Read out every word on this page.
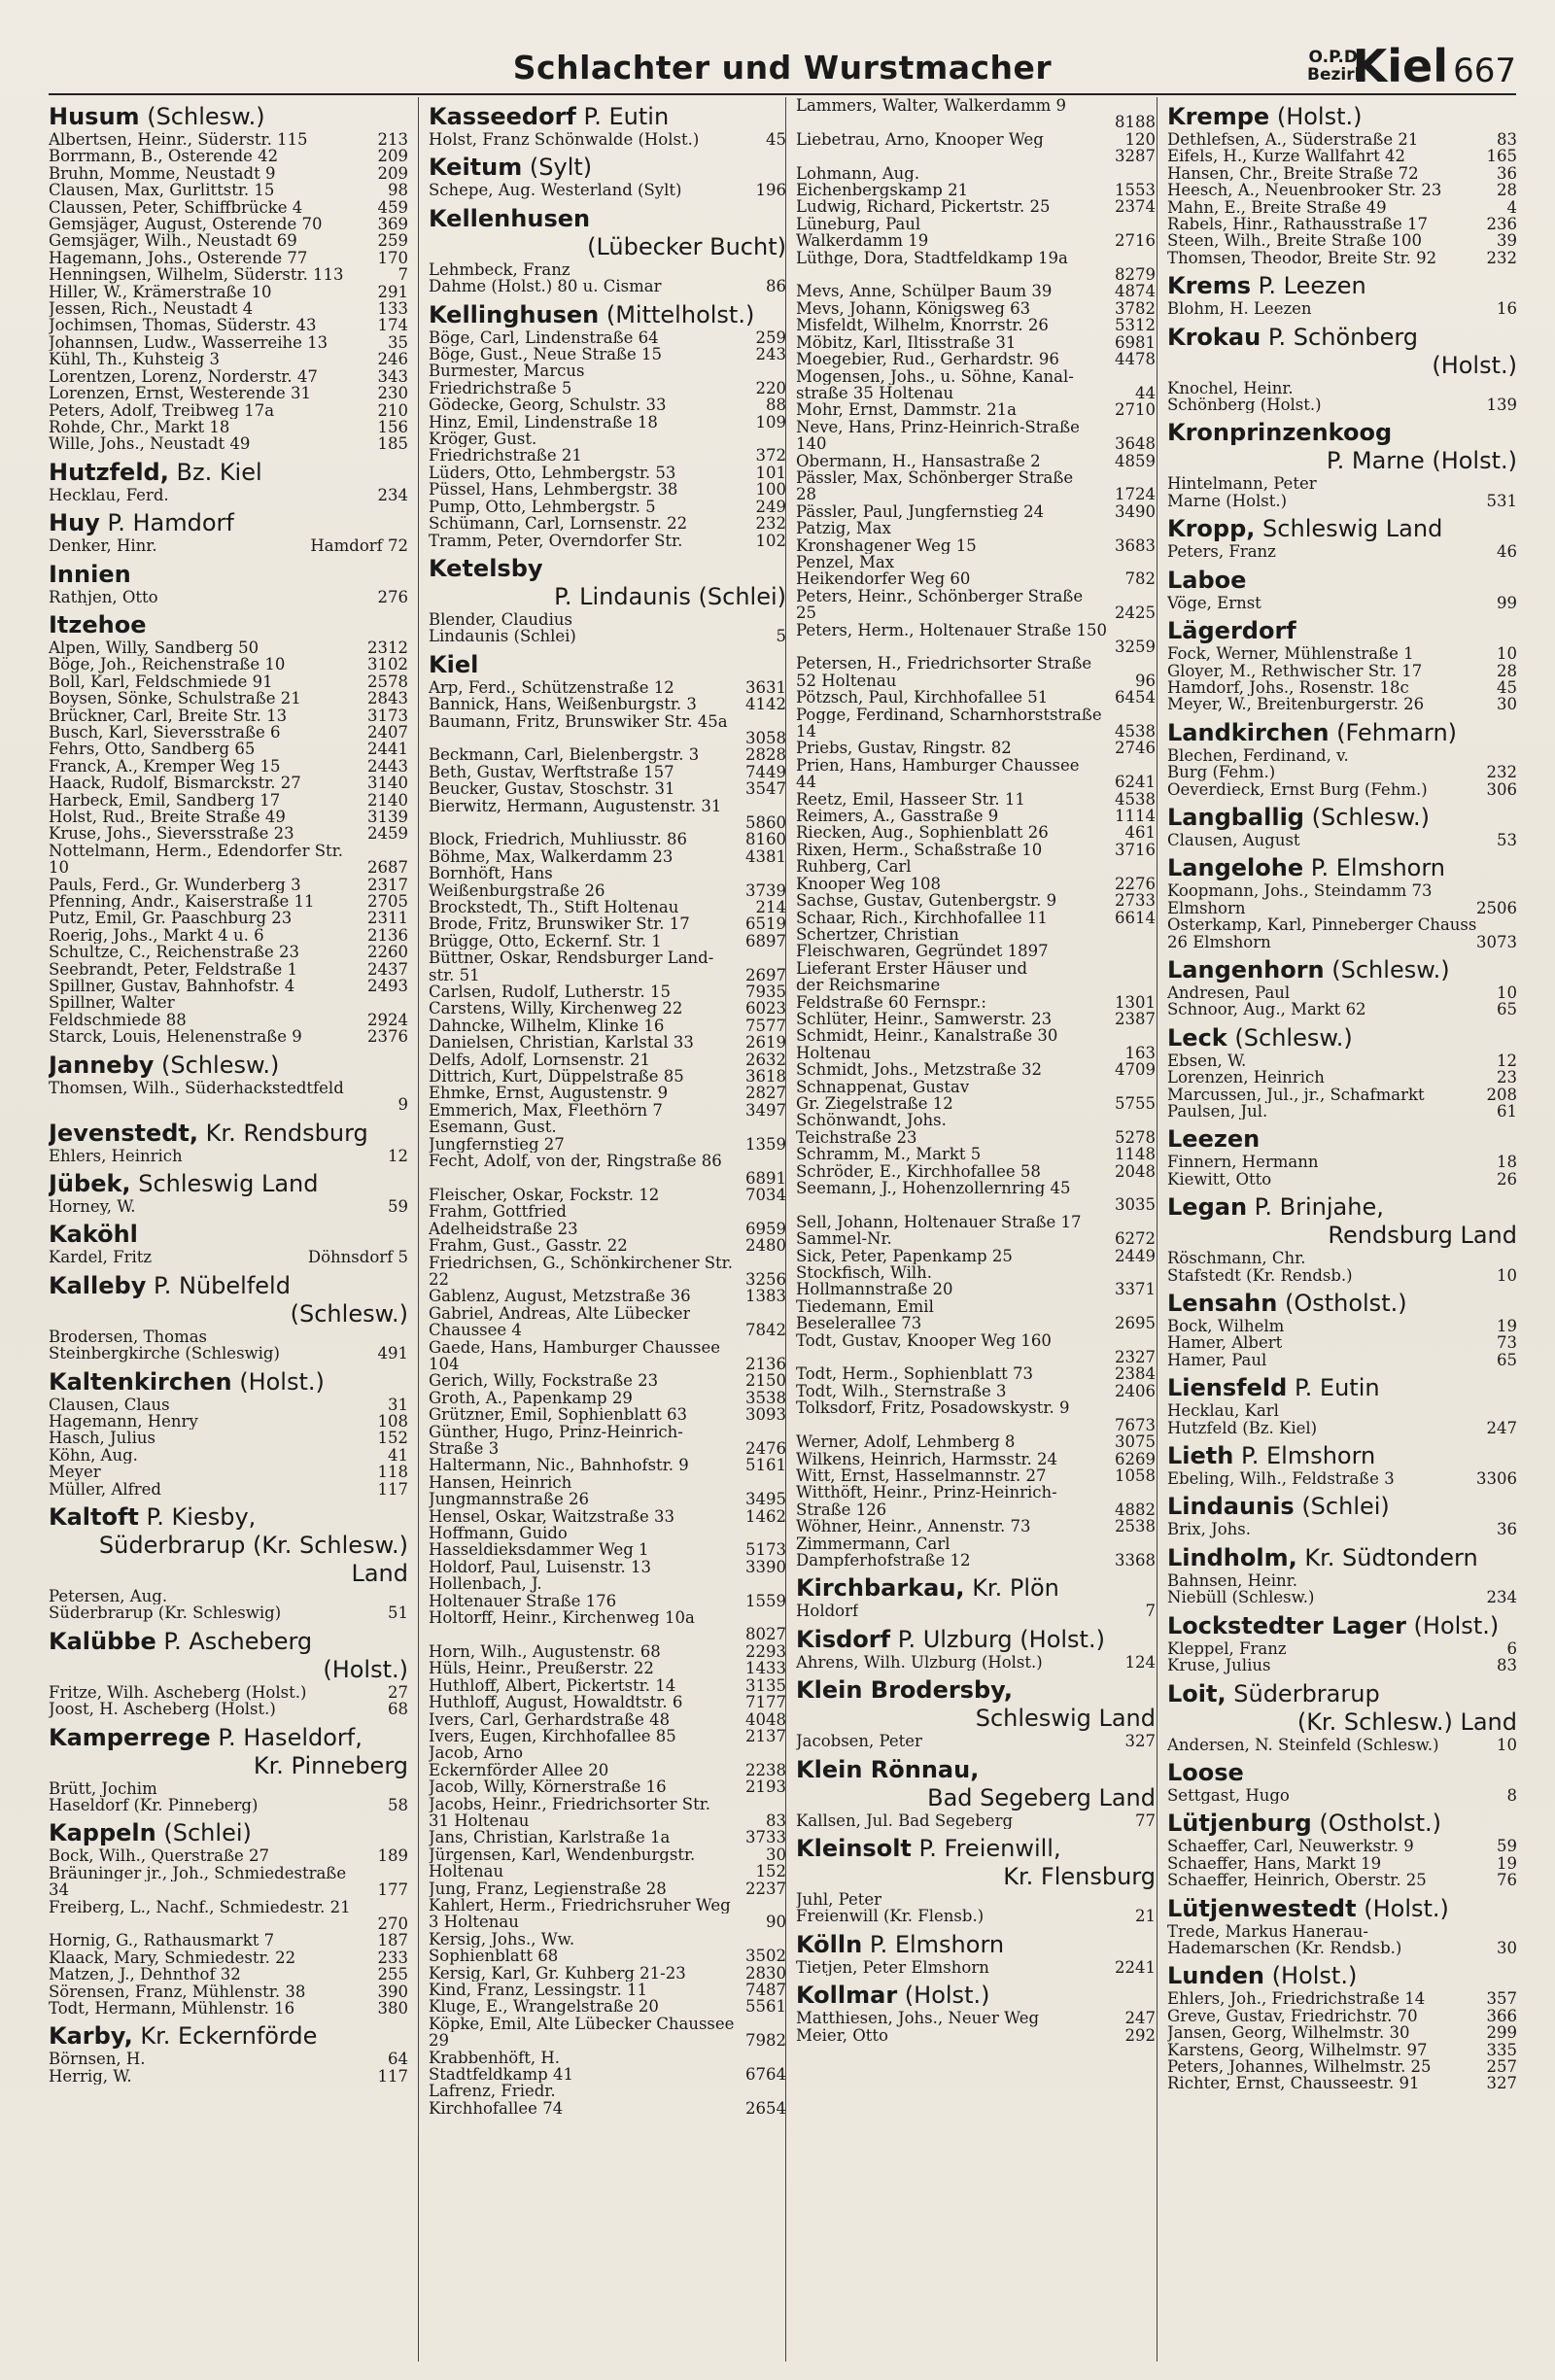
Schlachter und Wurstmacher	O.P.D.
Bezirk
Kiel 667
Husum (Schlesw.)
Albertsen, Heinr., Süderstr. 115	213
Borrmann, B., Osterende 42	209
Bruhn, Momme, Neustadt 9	209
Clausen, Max, Gurlittstr. 15	98
Claussen, Peter, Schiffbrücke 4	459
Gemsjäger, August, Osterende 70	369
Gemsjäger, Wilh., Neustadt 69	259
Hagemann, Johs., Osterende 77	170
Henningsen, Wilhelm, Süderstr. 113	7
Hiller, W., Krämerstraße 10	291
Jessen, Rich., Neustadt 4	133
Jochimsen, Thomas, Süderstr. 43	174
Johannsen, Ludw., Wasserreihe 13	35
Kühl, Th., Kuhsteig 3	246
Lorentzen, Lorenz, Norderstr. 47	343
Lorenzen, Ernst, Westerende 31	230
Peters, Adolf, Treibweg 17a	210
Rohde, Chr., Markt 18	156
Wille, Johs., Neustadt 49	185
Hutzfeld, Bz. Kiel
Hecklau, Ferd.	234
Huy P. Hamdorf
Denker, Hinr.	Hamdorf 72
Innien
Rathjen, Otto	276
Itzehoe
Alpen, Willy, Sandberg 50	2312
Böge, Joh., Reichenstraße 10	3102
Boll, Karl, Feldschmiede 91	2578
Boysen, Sönke, Schulstraße 21	2843
Brückner, Carl, Breite Str. 13	3173
Busch, Karl, Sieversstraße 6	2407
Fehrs, Otto, Sandberg 65	2441
Franck, A., Kremper Weg 15	2443
Haack, Rudolf, Bismarckstr. 27	3140
Harbeck, Emil, Sandberg 17	2140
Holst, Rud., Breite Straße 49	3139
Kruse, Johs., Sieversstraße 23	2459
Nottelmann, Herm., Edendorfer Str.
10	2687
Pauls, Ferd., Gr. Wunderberg 3	2317
Pfenning, Andr., Kaiserstraße 11	2705
Putz, Emil, Gr. Paaschburg 23	2311
Roerig, Johs., Markt 4 u. 6	2136
Schultze, C., Reichenstraße 23	2260
Seebrandt, Peter, Feldstraße 1	2437
Spillner, Gustav, Bahnhofstr. 4	2493
Spillner, Walter
Feldschmiede 88	2924
Starck, Louis, Helenenstraße 9	2376
Janneby (Schlesw.)
Thomsen, Wilh., Süderhackstedtfeld
9
Jevenstedt, Kr. Rendsburg
Ehlers, Heinrich	12
Jübek, Schleswig Land
Horney, W.	59
Kaköhl
Kardel, Fritz	Döhnsdorf 5
Kalleby P. Nübelfeld
(Schlesw.)
Brodersen, Thomas
Steinbergkirche (Schleswig)	491
Kaltenkirchen (Holst.)
Clausen, Claus	31
Hagemann, Henry	108
Hasch, Julius	152
Köhn, Aug.	41
Meyer	118
Müller, Alfred	117
Kaltoft P. Kiesby,
Süderbrarup (Kr. Schlesw.) Land
Petersen, Aug.
Süderbrarup (Kr. Schleswig)	51
Kalübbe P. Ascheberg
(Holst.)
Fritze, Wilh. Ascheberg (Holst.)	27
Joost, H. Ascheberg (Holst.)	68
Kamperrege P. Haseldorf,
Kr. Pinneberg
Brütt, Jochim
Haseldorf (Kr. Pinneberg)	58
Kappeln (Schlei)
Bock, Wilh., Querstraße 27	189
Bräuninger jr., Joh., Schmiedestraße
34	177
Freiberg, L., Nachf., Schmiedestr. 21
270
Hornig, G., Rathausmarkt 7	187
Klaack, Mary, Schmiedestr. 22	233
Matzen, J., Dehnthof 32	255
Sörensen, Franz, Mühlenstr. 38	390
Todt, Hermann, Mühlenstr. 16	380
Karby, Kr. Eckernförde
Börnsen, H.	64
Herrig, W.	117
Kasseedorf P. Eutin
Holst, Franz Schönwalde (Holst.)	45
Keitum (Sylt)
Schepe, Aug. Westerland (Sylt)	196
Kellenhusen
(Lübecker Bucht)
Lehmbeck, Franz
Dahme (Holst.) 80 u. Cismar	86
Kellinghusen (Mittelholst.)
Böge, Carl, Lindenstraße 64	259
Böge, Gust., Neue Straße 15	243
Burmester, Marcus
Friedrichstraße 5	220
Gödecke, Georg, Schulstr. 33	88
Hinz, Emil, Lindenstraße 18	109
Kröger, Gust.
Friedrichstraße 21	372
Lüders, Otto, Lehmbergstr. 53	101
Püssel, Hans, Lehmbergstr. 38	100
Pump, Otto, Lehmbergstr. 5	249
Schümann, Carl, Lornsenstr. 22	232
Tramm, Peter, Overndorfer Str.	102
Ketelsby
P. Lindaunis (Schlei)
Blender, Claudius
Lindaunis (Schlei)	5
Kiel
Arp, Ferd., Schützenstraße 12	3631
Bannick, Hans, Weißenburgstr. 3	4142
Baumann, Fritz, Brunswiker Str. 45a
3058
Beckmann, Carl, Bielenbergstr. 3	2828
Beth, Gustav, Werftstraße 157	7449
Beucker, Gustav, Stoschstr. 31	3547
Bierwitz, Hermann, Augustenstr. 31
5860
Block, Friedrich, Muhliusstr. 86	8160
Böhme, Max, Walkerdamm 23	4381
Bornhöft, Hans
Weißenburgstraße 26	3739
Brockstedt, Th., Stift Holtenau	214
Brode, Fritz, Brunswiker Str. 17	6519
Brügge, Otto, Eckernf. Str. 1	6897
Büttner, Oskar, Rendsburger Land-
str. 51	2697
Carlsen, Rudolf, Lutherstr. 15	7935
Carstens, Willy, Kirchenweg 22	6023
Dahncke, Wilhelm, Klinke 16	7577
Danielsen, Christian, Karlstal 33	2619
Delfs, Adolf, Lornsenstr. 21	2632
Dittrich, Kurt, Düppelstraße 85	3618
Ehmke, Ernst, Augustenstr. 9	2827
Emmerich, Max, Fleethörn 7	3497
Esemann, Gust.
Jungfernstieg 27	1359
Fecht, Adolf, von der, Ringstraße 86
6891
Fleischer, Oskar, Fockstr. 12	7034
Frahm, Gottfried
Adelheidstraße 23	6959
Frahm, Gust., Gasstr. 22	2480
Friedrichsen, G., Schönkirchener Str.
22	3256
Gablenz, August, Metzstraße 36	1383
Gabriel, Andreas, Alte Lübecker
Chaussee 4	7842
Gaede, Hans, Hamburger Chaussee
104	2136
Gerich, Willy, Fockstraße 23	2150
Groth, A., Papenkamp 29	3538
Grützner, Emil, Sophienblatt 63	3093
Günther, Hugo, Prinz-Heinrich-
Straße 3	2476
Haltermann, Nic., Bahnhofstr. 9	5161
Hansen, Heinrich
Jungmannstraße 26	3495
Hensel, Oskar, Waitzstraße 33	1462
Hoffmann, Guido
Hasseldieksdammer Weg 1	5173
Holdorf, Paul, Luisenstr. 13	3390
Hollenbach, J.
Holtenauer Straße 176	1559
Holtorff, Heinr., Kirchenweg 10a
8027
Horn, Wilh., Augustenstr. 68	2293
Hüls, Heinr., Preußerstr. 22	1433
Huthloff, Albert, Pickertstr. 14	3135
Huthloff, August, Howaldtstr. 6	7177
Ivers, Carl, Gerhardstraße 48	4048
Ivers, Eugen, Kirchhofallee 85	2137
Jacob, Arno
Eckernförder Allee 20	2238
Jacob, Willy, Körnerstraße 16	2193
Jacobs, Heinr., Friedrichsorter Str.
31 Holtenau	83
Jans, Christian, Karlstraße 1a	3733
Jürgensen, Karl, Wendenburgstr.	30
Holtenau	152
Jung, Franz, Legienstraße 28	2237
Kahlert, Herm., Friedrichsruher Weg
3 Holtenau	90
Kersig, Johs., Ww.
Sophienblatt 68	3502
Kersig, Karl, Gr. Kuhberg 21-23	2830
Kind, Franz, Lessingstr. 11	7487
Kluge, E., Wrangelstraße 20	5561
Köpke, Emil, Alte Lübecker Chaussee
29	7982
Krabbenhöft, H.
Stadtfeldkamp 41	6764
Lafrenz, Friedr.
Kirchhofallee 74	2654
Lammers, Walter, Walkerdamm 9
8188
Liebetrau, Arno, Knooper Weg	120
3287
Lohmann, Aug.
Eichenbergskamp 21	1553
Ludwig, Richard, Pickertstr. 25	2374
Lüneburg, Paul
Walkerdamm 19	2716
Lüthge, Dora, Stadtfeldkamp 19a
8279
Mevs, Anne, Schülper Baum 39	4874
Mevs, Johann, Königsweg 63	3782
Misfeldt, Wilhelm, Knorrstr. 26	5312
Möbitz, Karl, Iltisstraße 31	6981
Moegebier, Rud., Gerhardstr. 96	4478
Mogensen, Johs., u. Söhne, Kanal-
straße 35 Holtenau	44
Mohr, Ernst, Dammstr. 21a	2710
Neve, Hans, Prinz-Heinrich-Straße
140	3648
Obermann, H., Hansastraße 2	4859
Pässler, Max, Schönberger Straße
28	1724
Pässler, Paul, Jungfernstieg 24	3490
Patzig, Max
Kronshagener Weg 15	3683
Penzel, Max
Heikendorfer Weg 60	782
Peters, Heinr., Schönberger Straße
25	2425
Peters, Herm., Holtenauer Straße 150
3259
Petersen, H., Friedrichsorter Straße
52 Holtenau	96
Pötzsch, Paul, Kirchhofallee 51	6454
Pogge, Ferdinand, Scharnhorststraße
14	4538
Priebs, Gustav, Ringstr. 82	2746
Prien, Hans, Hamburger Chaussee
44	6241
Reetz, Emil, Hasseer Str. 11	4538
Reimers, A., Gasstraße 9	1114
Riecken, Aug., Sophienblatt 26	461
Rixen, Herm., Schaßstraße 10	3716
Ruhberg, Carl
Knooper Weg 108	2276
Sachse, Gustav, Gutenbergstr. 9	2733
Schaar, Rich., Kirchhofallee 11	6614
Schertzer, Christian
Fleischwaren, Gegründet 1897
Lieferant Erster Häuser und
der Reichsmarine
Feldstraße 60 Fernspr.:	1301
Schlüter, Heinr., Samwerstr. 23	2387
Schmidt, Heinr., Kanalstraße 30
Holtenau	163
Schmidt, Johs., Metzstraße 32	4709
Schnappenat, Gustav
Gr. Ziegelstraße 12	5755
Schönwandt, Johs.
Teichstraße 23	5278
Schramm, M., Markt 5	1148
Schröder, E., Kirchhofallee 58	2048
Seemann, J., Hohenzollernring 45
3035
Sell, Johann, Holtenauer Straße 17
Sammel-Nr.	6272
Sick, Peter, Papenkamp 25	2449
Stockfisch, Wilh.
Hollmannstraße 20	3371
Tiedemann, Emil
Beselerallee 73	2695
Todt, Gustav, Knooper Weg 160
2327
Todt, Herm., Sophienblatt 73	2384
Todt, Wilh., Sternstraße 3	2406
Tolksdorf, Fritz, Posadowskystr. 9
7673
Werner, Adolf, Lehmberg 8	3075
Wilkens, Heinrich, Harmsstr. 24	6269
Witt, Ernst, Hasselmannstr. 27	1058
Witthöft, Heinr., Prinz-Heinrich-
Straße 126	4882
Wöhner, Heinr., Annenstr. 73	2538
Zimmermann, Carl
Dampferhofstraße 12	3368
Kirchbarkau, Kr. Plön
Holdorf	7
Kisdorf P. Ulzburg (Holst.)
Ahrens, Wilh. Ulzburg (Holst.)	124
Klein Brodersby,
Schleswig Land
Jacobsen, Peter	327
Klein Rönnau,
Bad Segeberg Land
Kallsen, Jul. Bad Segeberg	77
Kleinsolt P. Freienwill,
Kr. Flensburg
Juhl, Peter
Freienwill (Kr. Flensb.)	21
Kölln P. Elmshorn
Tietjen, Peter Elmshorn	2241
Kollmar (Holst.)
Matthiesen, Johs., Neuer Weg	247
Meier, Otto	292
Krempe (Holst.)
Dethlefsen, A., Süderstraße 21	83
Eifels, H., Kurze Wallfahrt 42	165
Hansen, Chr., Breite Straße 72	36
Heesch, A., Neuenbrooker Str. 23	28
Mahn, E., Breite Straße 49	4
Rabels, Hinr., Rathausstraße 17	236
Steen, Wilh., Breite Straße 100	39
Thomsen, Theodor, Breite Str. 92	232
Krems P. Leezen
Blohm, H. Leezen	16
Krokau P. Schönberg
(Holst.)
Knochel, Heinr.
Schönberg (Holst.)	139
Kronprinzenkoog
P. Marne (Holst.)
Hintelmann, Peter
Marne (Holst.)	531
Kropp, Schleswig Land
Peters, Franz	46
Laboe
Vöge, Ernst	99
Lägerdorf
Fock, Werner, Mühlenstraße 1	10
Gloyer, M., Rethwischer Str. 17	28
Hamdorf, Johs., Rosenstr. 18c	45
Meyer, W., Breitenburgerstr. 26	30
Landkirchen (Fehmarn)
Blechen, Ferdinand, v.
Burg (Fehm.)	232
Oeverdieck, Ernst Burg (Fehm.)	306
Langballig (Schlesw.)
Clausen, August	53
Langelohe P. Elmshorn
Koopmann, Johs., Steindamm 73
Elmshorn	2506
Osterkamp, Karl, Pinneberger Chauss
26 Elmshorn	3073
Langenhorn (Schlesw.)
Andresen, Paul	10
Schnoor, Aug., Markt 62	65
Leck (Schlesw.)
Ebsen, W.	12
Lorenzen, Heinrich	23
Marcussen, Jul., jr., Schafmarkt	208
Paulsen, Jul.	61
Leezen
Finnern, Hermann	18
Kiewitt, Otto	26
Legan P. Brinjahe,
Rendsburg Land
Röschmann, Chr.
Stafstedt (Kr. Rendsb.)	10
Lensahn (Ostholst.)
Bock, Wilhelm	19
Hamer, Albert	73
Hamer, Paul	65
Liensfeld P. Eutin
Hecklau, Karl
Hutzfeld (Bz. Kiel)	247
Lieth P. Elmshorn
Ebeling, Wilh., Feldstraße 3	3306
Lindaunis (Schlei)
Brix, Johs.	36
Lindholm, Kr. Südtondern
Bahnsen, Heinr.
Niebüll (Schlesw.)	234
Lockstedter Lager (Holst.)
Kleppel, Franz	6
Kruse, Julius	83
Loit, Süderbrarup
(Kr. Schlesw.) Land
Andersen, N. Steinfeld (Schlesw.)	10
Loose
Settgast, Hugo	8
Lütjenburg (Ostholst.)
Schaeffer, Carl, Neuwerkstr. 9	59
Schaeffer, Hans, Markt 19	19
Schaeffer, Heinrich, Oberstr. 25	76
Lütjenwestedt (Holst.)
Trede, Markus Hanerau-
Hademarschen (Kr. Rendsb.)	30
Lunden (Holst.)
Ehlers, Joh., Friedrichstraße 14	357
Greve, Gustav, Friedrichstr. 70	366
Jansen, Georg, Wilhelmstr. 30	299
Karstens, Georg, Wilhelmstr. 97	335
Peters, Johannes, Wilhelmstr. 25	257
Richter, Ernst, Chausseestr. 91	327
